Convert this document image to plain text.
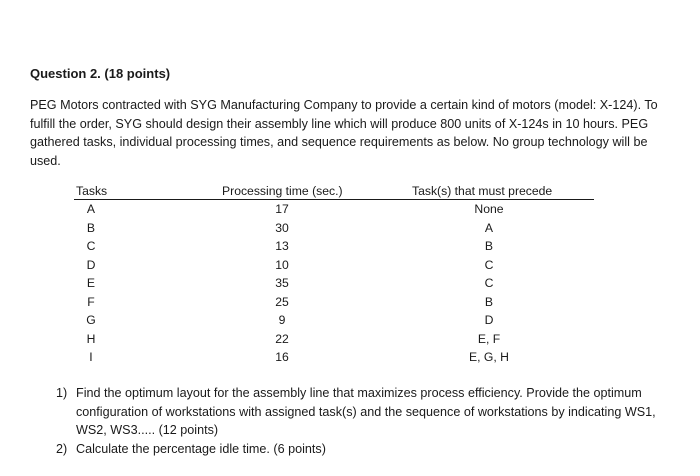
Question 2. (18 points)

PEG Motors contracted with SYG Manufacturing Company to provide a certain kind of motors (model: X-124). To fulfill the order, SYG should design their assembly line which will produce 800 units of X-124s in 10 hours. PEG gathered tasks, individual processing times, and sequence requirements as below. No group technology will be used.

Tasks	Processing time (sec.)	Task(s) that must precede
A	17	None
B	30	A
C	13	B
D	10	C
E	35	C
F	25	B
G	9	D
H	22	E, F
I	16	E, G, H
1) Find the optimum layout for the assembly line that maximizes process efficiency. Provide the optimum configuration of workstations with assigned task(s) and the sequence of workstations by indicating WS1, WS2, WS3..... (12 points)
2) Calculate the percentage idle time. (6 points)
